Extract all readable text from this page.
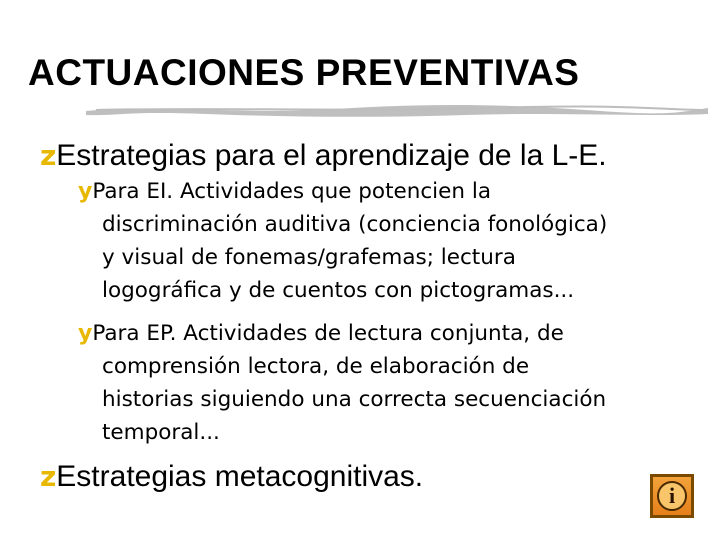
ACTUACIONES PREVENTIVAS
zEstrategias para el aprendizaje de la L-E.
yPara EI. Actividades que potencien la
discriminación auditiva (conciencia fonológica)
y visual de fonemas/grafemas; lectura
logográfica y de cuentos con pictogramas...
yPara EP. Actividades de lectura conjunta, de
comprensión lectora, de elaboración de
historias siguiendo una correcta secuenciación
temporal...
zEstrategias metacognitivas.
i
